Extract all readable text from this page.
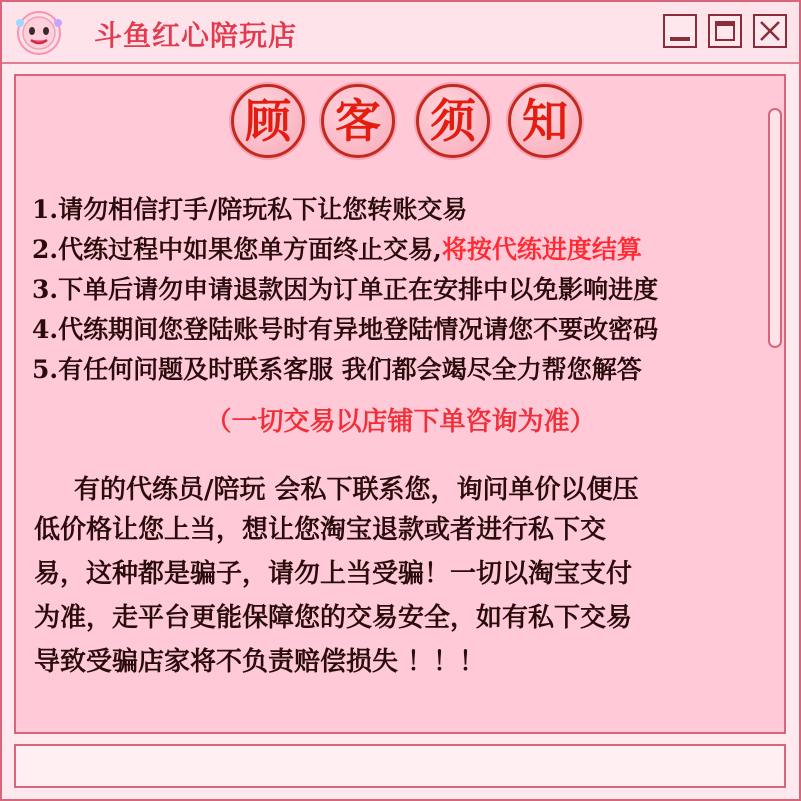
斗鱼红心陪玩店
顾 客 须 知
1.请勿相信打手/陪玩私下让您转账交易
2.代练过程中如果您单方面终止交易,将按代练进度结算
3.下单后请勿申请退款因为订单正在安排中以免影响进度
4.代练期间您登陆账号时有异地登陆情况请您不要改密码
5.有任何问题及时联系客服 我们都会竭尽全力帮您解答
（一切交易以店铺下单咨询为准）
有的代练员/陪玩 会私下联系您，询问单价以便压
低价格让您上当，想让您淘宝退款或者进行私下交
易，这种都是骗子，请勿上当受骗！一切以淘宝支付
为准，走平台更能保障您的交易安全，如有私下交易
导致受骗店家将不负责赔偿损失 ！！！
